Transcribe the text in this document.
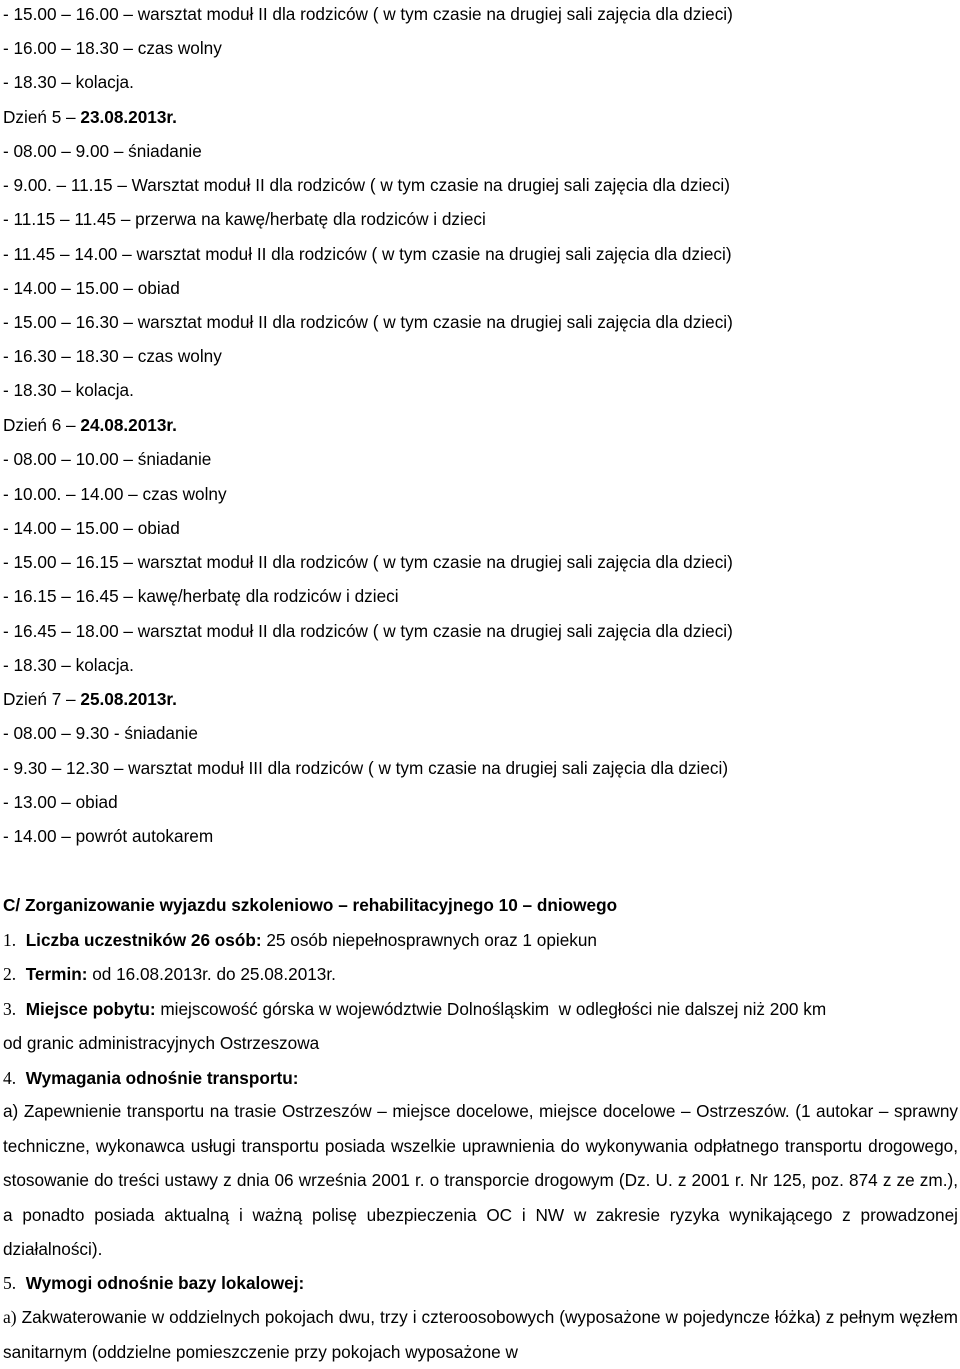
- 15.00 – 16.00 – warsztat moduł II dla rodziców ( w tym czasie na drugiej sali zajęcia dla dzieci)
- 16.00 – 18.30 – czas wolny
- 18.30 – kolacja.
Dzień 5 – 23.08.2013r.
- 08.00 – 9.00 – śniadanie
- 9.00. – 11.15 – Warsztat moduł II dla rodziców ( w tym czasie na drugiej sali zajęcia dla dzieci)
- 11.15 – 11.45 – przerwa na kawę/herbatę dla rodziców i dzieci
- 11.45 – 14.00 – warsztat moduł II dla rodziców ( w tym czasie na drugiej sali zajęcia dla dzieci)
- 14.00 – 15.00 – obiad
- 15.00 – 16.30 – warsztat moduł II dla rodziców ( w tym czasie na drugiej sali zajęcia dla dzieci)
- 16.30 – 18.30 – czas wolny
- 18.30 – kolacja.
Dzień 6 – 24.08.2013r.
- 08.00 – 10.00 – śniadanie
- 10.00. – 14.00 – czas wolny
- 14.00 – 15.00 – obiad
- 15.00 – 16.15 – warsztat moduł II dla rodziców ( w tym czasie na drugiej sali zajęcia dla dzieci)
- 16.15 – 16.45 – kawę/herbatę dla rodziców i dzieci
- 16.45 – 18.00 – warsztat moduł II dla rodziców ( w tym czasie na drugiej sali zajęcia dla dzieci)
- 18.30 – kolacja.
Dzień 7 – 25.08.2013r.
- 08.00 – 9.30 - śniadanie
- 9.30 – 12.30 – warsztat moduł III dla rodziców ( w tym czasie na drugiej sali zajęcia dla dzieci)
- 13.00 – obiad
- 14.00 – powrót autokarem
C/ Zorganizowanie wyjazdu szkoleniowo – rehabilitacyjnego 10 – dniowego
1. Liczba uczestników 26 osób: 25 osób niepełnosprawnych oraz 1 opiekun
2. Termin: od 16.08.2013r. do 25.08.2013r.
3. Miejsce pobytu: miejscowość górska w województwie Dolnośląskim  w odległości nie dalszej niż 200 km
od granic administracyjnych Ostrzeszowa
4. Wymagania odnośnie transportu:
a) Zapewnienie transportu na trasie Ostrzeszów – miejsce docelowe, miejsce docelowe – Ostrzeszów. (1 autokar – sprawny techniczne, wykonawca usługi transportu posiada wszelkie uprawnienia do wykonywania odpłatnego transportu drogowego, stosowanie do treści ustawy z dnia 06 września 2001 r. o transporcie drogowym (Dz. U. z 2001 r. Nr 125, poz. 874 z ze zm.), a ponadto posiada aktualną i ważną polisę ubezpieczenia OC i NW w zakresie ryzyka wynikającego z prowadzonej działalności).
5. Wymogi odnośnie bazy lokalowej:
a) Zakwaterowanie w oddzielnych pokojach dwu, trzy i czteroosobowych (wyposażone w pojedyncze łóżka) z pełnym węzłem sanitarnym (oddzielne pomieszczenie przy pokojach wyposażone w
